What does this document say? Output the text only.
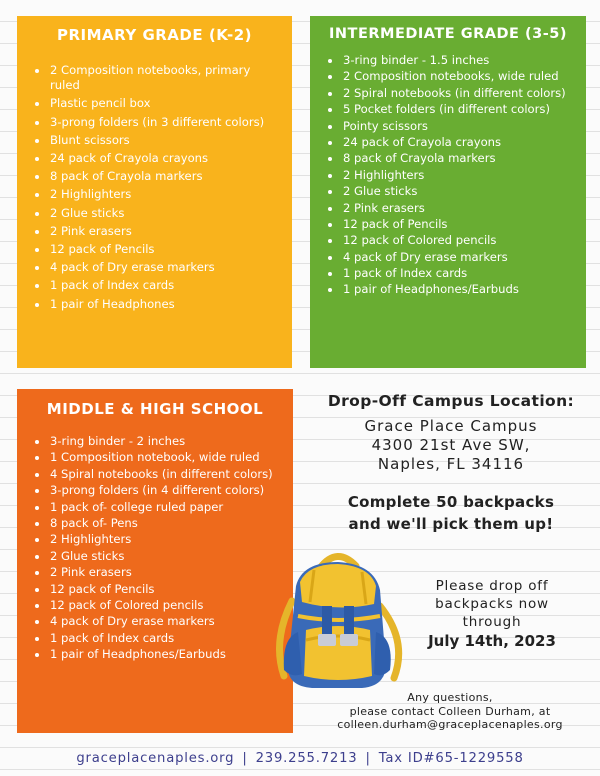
PRIMARY GRADE (K-2)
2 Composition notebooks, primary ruled
Plastic pencil box
3-prong folders (in 3 different colors)
Blunt scissors
24 pack of Crayola crayons
8 pack of Crayola markers
2 Highlighters
2 Glue sticks
2 Pink erasers
12 pack of Pencils
4 pack of Dry erase markers
1 pack of Index cards
1 pair of Headphones
INTERMEDIATE GRADE (3-5)
3-ring binder - 1.5 inches
2 Composition notebooks, wide ruled
2 Spiral notebooks (in different colors)
5 Pocket folders (in different colors)
Pointy scissors
24 pack of Crayola crayons
8 pack of Crayola markers
2 Highlighters
2 Glue sticks
2 Pink erasers
12 pack of Pencils
12 pack of Colored pencils
4 pack of Dry erase markers
1 pack of Index cards
1 pair of Headphones/Earbuds
MIDDLE & HIGH SCHOOL
3-ring binder - 2 inches
1 Composition notebook, wide ruled
4 Spiral notebooks (in different colors)
3-prong folders (in 4 different colors)
1 pack of- college ruled paper
8 pack of- Pens
2 Highlighters
2 Glue sticks
2 Pink erasers
12 pack of Pencils
12 pack of Colored pencils
4 pack of Dry erase markers
1 pack of Index cards
1 pair of Headphones/Earbuds
Drop-Off Campus Location:
Grace Place Campus
4300 21st Ave SW,
Naples, FL 34116
Complete 50 backpacks
and we'll pick them up!
Please drop off
backpacks now
through
July 14th, 2023
Any questions,
please contact Colleen Durham, at
colleen.durham@graceplacenaples.org
graceplacenaples.org | 239.255.7213 | Tax ID#65-1229558
